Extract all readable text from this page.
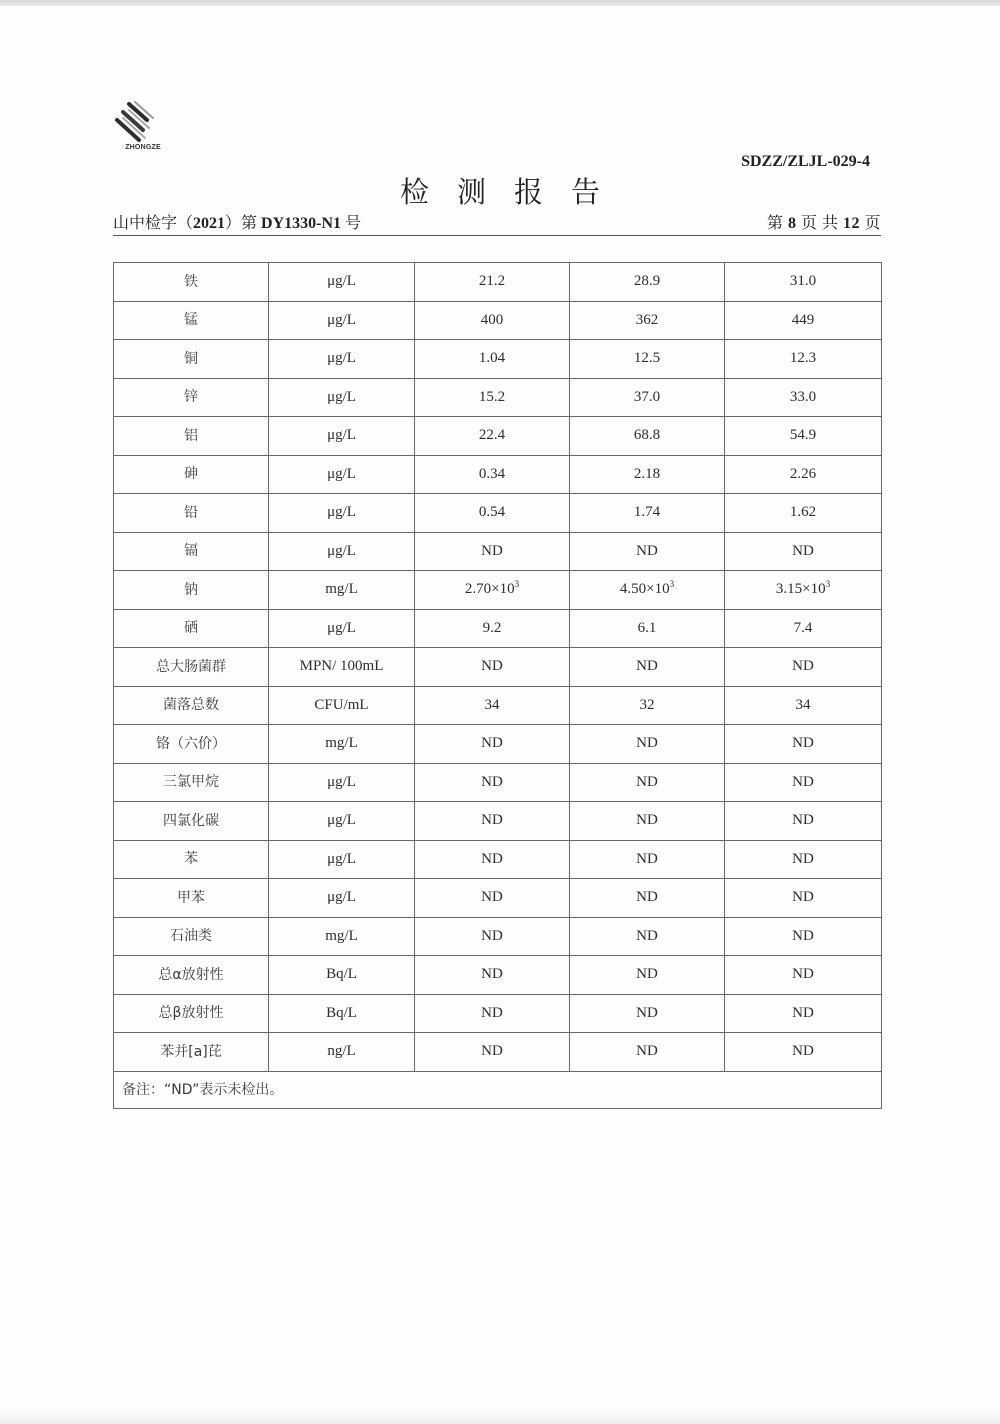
ZHONGZE
SDZZ/ZLJL-029-4
检测报告
山中检字（2021）第 DY1330-N1 号	第 8 页 共 12 页
铁	μg/L	21.2	28.9	31.0
锰	μg/L	400	362	449
铜	μg/L	1.04	12.5	12.3
锌	μg/L	15.2	37.0	33.0
铝	μg/L	22.4	68.8	54.9
砷	μg/L	0.34	2.18	2.26
铅	μg/L	0.54	1.74	1.62
镉	μg/L	ND	ND	ND
钠	mg/L	$2.70\times 10^3$	$4.50\times 10^3$	$3.15\times 10^3$
硒	μg/L	9.2	6.1	7.4
总大肠菌群	MPN/ 100mL	ND	ND	ND
菌落总数	CFU/mL	34	32	34
铬（六价）	mg/L	ND	ND	ND
三氯甲烷	μg/L	ND	ND	ND
四氯化碳	μg/L	ND	ND	ND
苯	μg/L	ND	ND	ND
甲苯	μg/L	ND	ND	ND
石油类	mg/L	ND	ND	ND
总α放射性	Bq/L	ND	ND	ND
总β放射性	Bq/L	ND	ND	ND
苯并[a]芘	ng/L	ND	ND	ND
备注：“ND”表示未检出。				
